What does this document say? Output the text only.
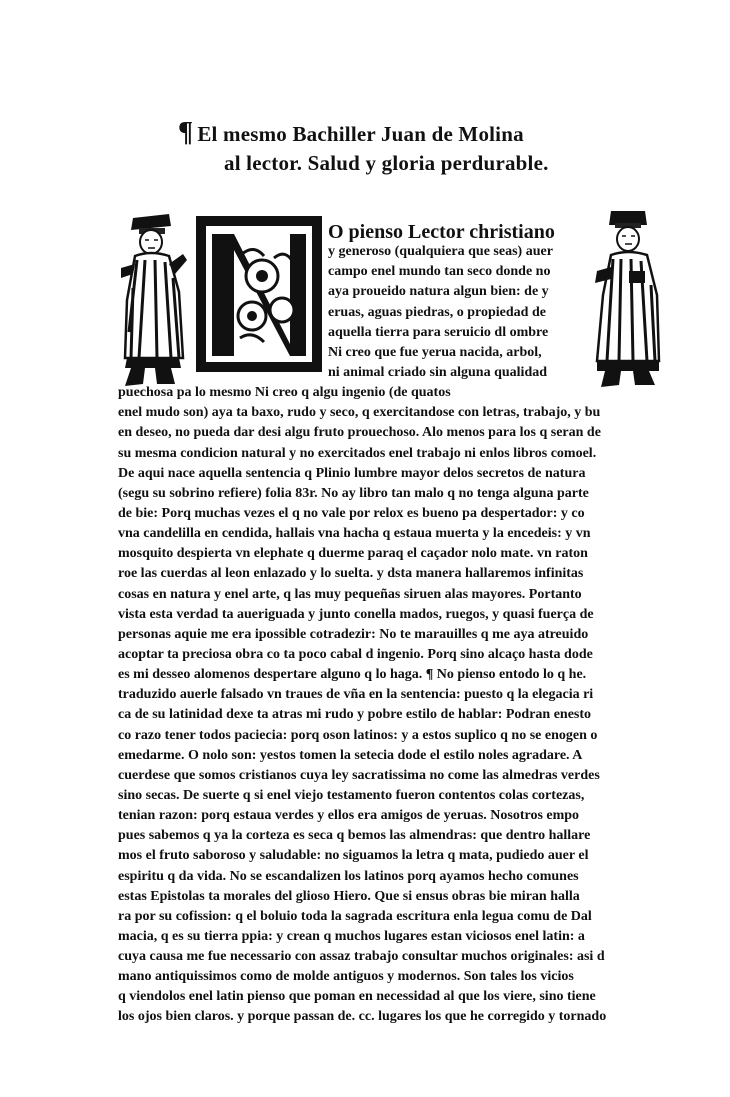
¶ El mesmo Bachiller Juan de Molina
al lector. Salud y gloria perdurable.
O pienso Lector christiano
y generoso (qualquiera que seas) auer
campo enel mundo tan seco donde no
aya proueido natura algun bien: de y
eruas, aguas piedras, o propiedad de
aquella tierra para seruicio dl ombre
Ni creo que fue yerua nacida, arbol,
ni animal criado sin alguna qualidad
puechosa pa lo mesmo Ni creo q algu ingenio (de quatos
enel mudo son) aya ta baxo, rudo y seco, q exercitandose con letras, trabajo, y bu
en deseo, no pueda dar desi algu fruto prouechoso. Alo menos para los q seran de
su mesma condicion natural y no exercitados enel trabajo ni enlos libros comoel.
De aqui nace aquella sentencia q Plinio lumbre mayor delos secretos de natura
(segu su sobrino refiere) folia 83r. No ay libro tan malo q no tenga alguna parte
de bie: Porq muchas vezes el q no vale por relox es bueno pa despertador: y co
vna candelilla en cendida, hallais vna hacha q estaua muerta y la encedeis: y vn
mosquito despierta vn elephate q duerme paraq el caçador nolo mate. vn raton
roe las cuerdas al leon enlazado y lo suelta. y dsta manera hallaremos infinitas
cosas en natura y enel arte, q las muy pequeñas siruen alas mayores. Portanto
vista esta verdad ta aueriguada y junto conella mados, ruegos, y quasi fuerça de
personas aquie me era ipossible cotradezir: No te marauilles q me aya atreuido
acoptar ta preciosa obra co ta poco cabal d ingenio. Porq sino alcaço hasta dode
es mi desseo alomenos despertare alguno q lo haga. ¶ No pienso entodo lo q he.
traduzido auerle falsado vn traues de vña en la sentencia: puesto q la elegacia ri
ca de su latinidad dexe ta atras mi rudo y pobre estilo de hablar: Podran enesto
co razo tener todos paciecia: porq oson latinos: y a estos suplico q no se enogen o
emedarme. O nolo son: yestos tomen la setecia dode el estilo noles agradare. A
cuerdese que somos cristianos cuya ley sacratissima no come las almedras verdes
sino secas. De suerte q si enel viejo testamento fueron contentos colas cortezas,
tenian razon: porq estaua verdes y ellos era amigos de yeruas. Nosotros empo
pues sabemos q ya la corteza es seca q bemos las almendras: que dentro hallare
mos el fruto saboroso y saludable: no siguamos la letra q mata, pudiedo auer el
espiritu q da vida. No se escandalizen los latinos porq ayamos hecho comunes
estas Epistolas ta morales del glioso Hiero. Que si ensus obras bie miran halla
ra por su cofission: q el boluio toda la sagrada escritura enla legua comu de Dal
macia, q es su tierra ppia: y crean q muchos lugares estan viciosos enel latin: a
cuya causa me fue necessario con assaz trabajo consultar muchos originales: asi d
mano antiquissimos como de molde antiguos y modernos. Son tales los vicios
q viendolos enel latin pienso que poman en necessidad al que los viere, sino tiene
los ojos bien claros. y porque passan de. cc. lugares los que he corregido y tornado
